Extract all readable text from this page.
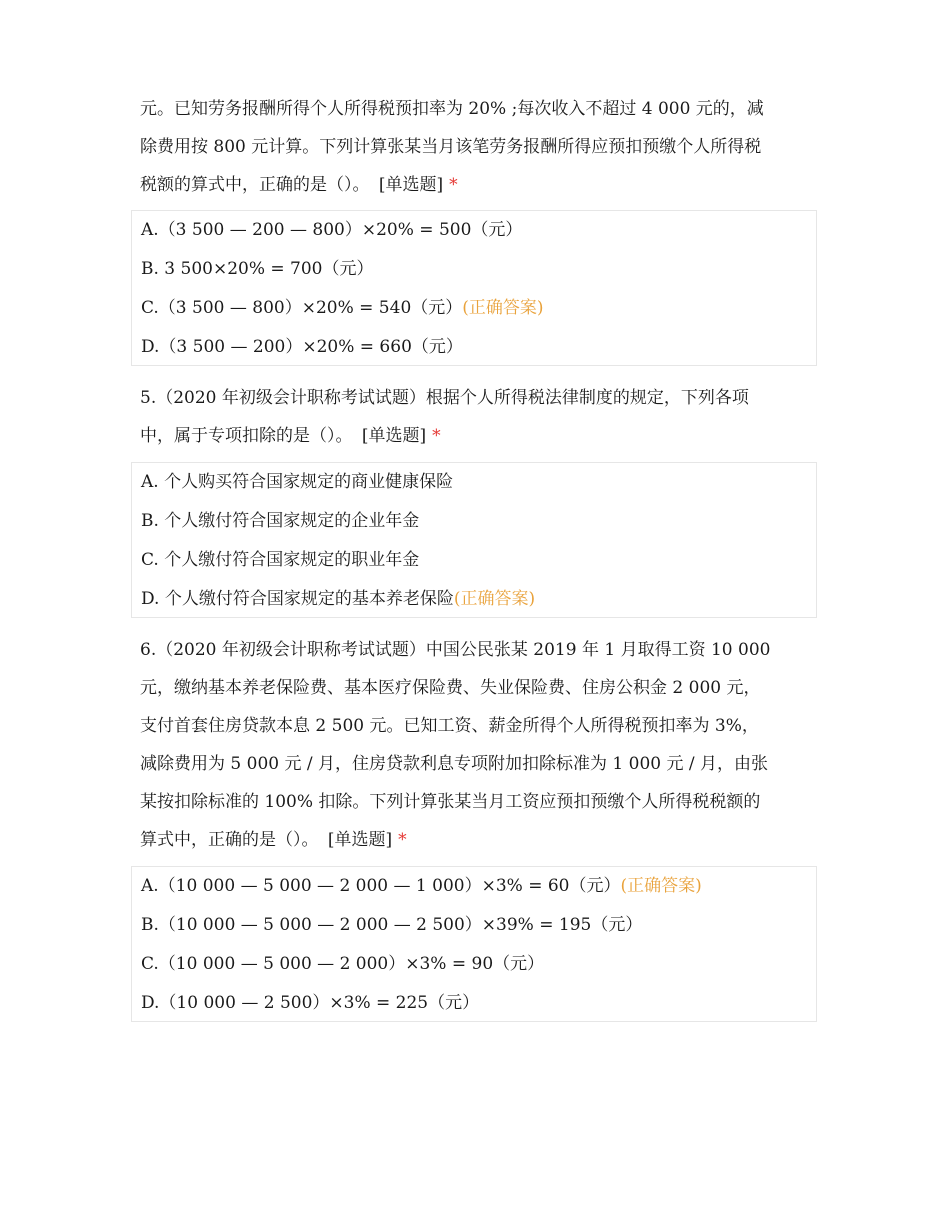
元。已知劳务报酬所得个人所得税预扣率为 20% ;每次收入不超过 4 000 元的，减
除费用按 800 元计算。下列计算张某当月该笔劳务报酬所得应预扣预缴个人所得税
税额的算式中，正确的是（）。 [单选题] *
A.（3 500 — 200 — 800）×20% = 500（元）
B. 3 500×20% = 700（元）
C.（3 500 — 800）×20% = 540（元）(正确答案)
D.（3 500 — 200）×20% = 660（元）
5.（2020 年初级会计职称考试试题）根据个人所得税法律制度的规定，下列各项
中，属于专项扣除的是（）。 [单选题] *
A. 个人购买符合国家规定的商业健康保险
B. 个人缴付符合国家规定的企业年金
C. 个人缴付符合国家规定的职业年金
D. 个人缴付符合国家规定的基本养老保险(正确答案)
6.（2020 年初级会计职称考试试题）中国公民张某 2019 年 1 月取得工资 10 000
元，缴纳基本养老保险费、基本医疗保险费、失业保险费、住房公积金 2 000 元，
支付首套住房贷款本息 2 500 元。已知工资、薪金所得个人所得税预扣率为 3%，
减除费用为 5 000 元 / 月，住房贷款利息专项附加扣除标准为 1 000 元 / 月，由张
某按扣除标准的 100% 扣除。下列计算张某当月工资应预扣预缴个人所得税税额的
算式中，正确的是（）。 [单选题] *
A.（10 000 — 5 000 — 2 000 — 1 000）×3% = 60（元）(正确答案)
B.（10 000 — 5 000 — 2 000 — 2 500）×39% = 195（元）
C.（10 000 — 5 000 — 2 000）×3% = 90（元）
D.（10 000 — 2 500）×3% = 225（元）
